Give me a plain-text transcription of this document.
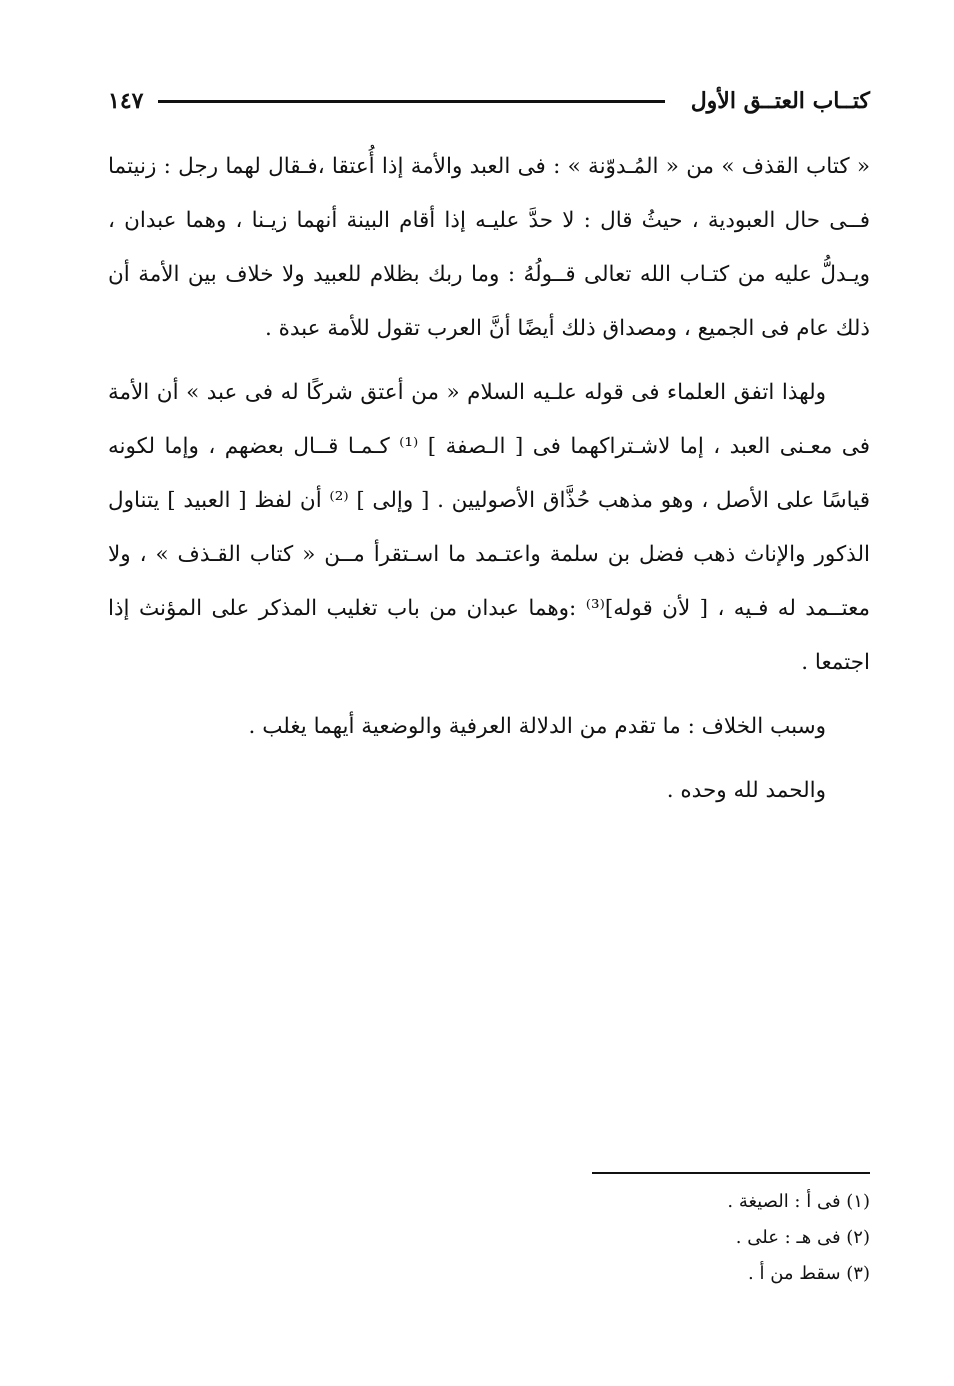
كتــاب العتــق الأول
١٤٧

« كتاب القذف » من « المُـدوّنة » : فى العبد والأمة إذا أُعتقا ،فـقال لهما رجل : زنيتما فــى حال العبودية ، حيثُ قال : لا حدَّ عليـه إذا أقام البينة أنهما زيـنا ، وهما عبدان ، ويـدلُّ عليه من كتـاب الله تعالى قــولُهُ : وما ربك بظلام للعبيد ولا خلاف بين الأمة أن ذلك عام فى الجميع ، ومصداق ذلك أيضًا أنَّ العرب تقول للأمة عبدة .

ولهذا اتفق العلماء فى قوله علـيه السلام « من أعتق شركًا له فى عبد » أن الأمة فى معـنى العبد ، إما لاشـتراكهما فى [ الـصفة ] ⁽¹⁾ كـمـا قــال بعضهم ، وإما لكونه قياسًا على الأصل ، وهو مذهب حُذَّاق الأصوليين . [ وإلى ] ⁽²⁾ أن لفظ [ العبيد ] يتناول الذكور والإناث ذهب فضل بن سلمة واعتـمد ما اسـتقرأ مــن « كتاب القـذف » ، ولا معتــمد له فـيه ، [ لأن قوله]⁽³⁾ :وهما عبدان من باب تغليب المذكر على المؤنث إذا اجتمعا .

وسبب الخلاف : ما تقدم من الدلالة العرفية والوضعية أيهما يغلب .

والحمد لله وحده .

(١) فى أ : الصيغة .
(٢) فى هـ : على .
(٣) سقط من أ .
